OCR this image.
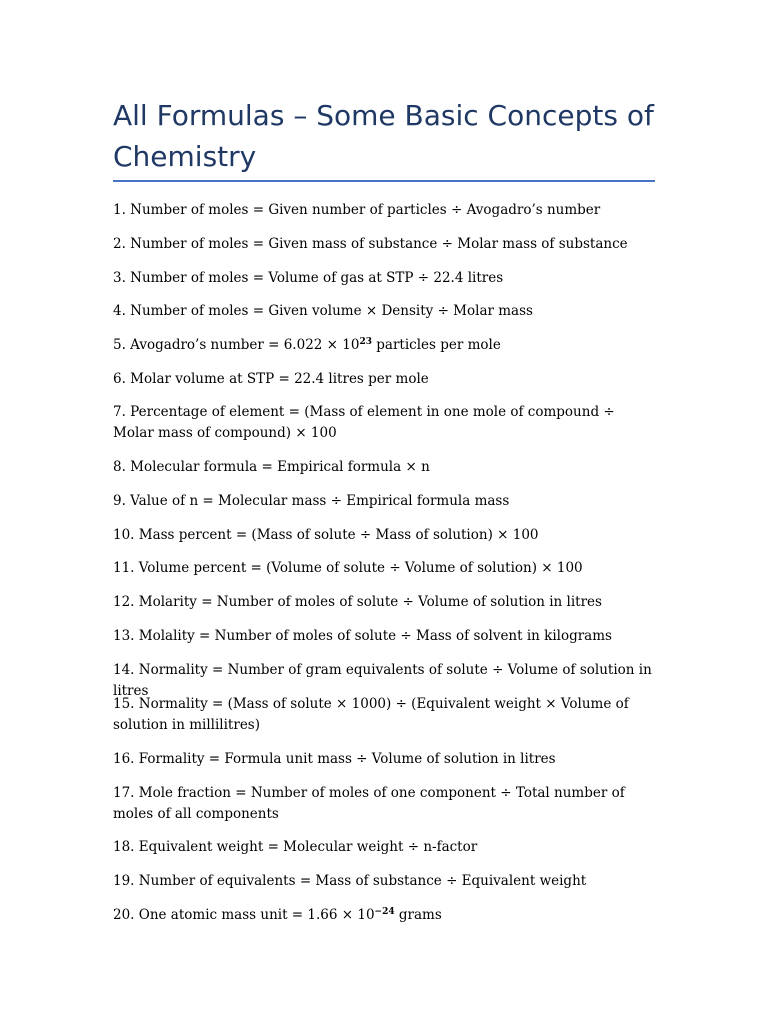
All Formulas – Some Basic Concepts of Chemistry
1. Number of moles = Given number of particles ÷ Avogadro’s number
2. Number of moles = Given mass of substance ÷ Molar mass of substance
3. Number of moles = Volume of gas at STP ÷ 22.4 litres
4. Number of moles = Given volume × Density ÷ Molar mass
5. Avogadro’s number = $6.022 \times 10^{23}$ particles per mole
6. Molar volume at STP = 22.4 litres per mole
7. Percentage of element = (Mass of element in one mole of compound ÷ Molar mass of compound) × 100
8. Molecular formula = Empirical formula × n
9. Value of n = Molecular mass ÷ Empirical formula mass
10. Mass percent = (Mass of solute ÷ Mass of solution) × 100
11. Volume percent = (Volume of solute ÷ Volume of solution) × 100
12. Molarity = Number of moles of solute ÷ Volume of solution in litres
13. Molality = Number of moles of solute ÷ Mass of solvent in kilograms
14. Normality = Number of gram equivalents of solute ÷ Volume of solution in litres
15. Normality = (Mass of solute × 1000) ÷ (Equivalent weight × Volume of solution in millilitres)
16. Formality = Formula unit mass ÷ Volume of solution in litres
17. Mole fraction = Number of moles of one component ÷ Total number of moles of all components
18. Equivalent weight = Molecular weight ÷ n-factor
19. Number of equivalents = Mass of substance ÷ Equivalent weight
20. One atomic mass unit = $1.66 \times 10^{-24}$ grams
